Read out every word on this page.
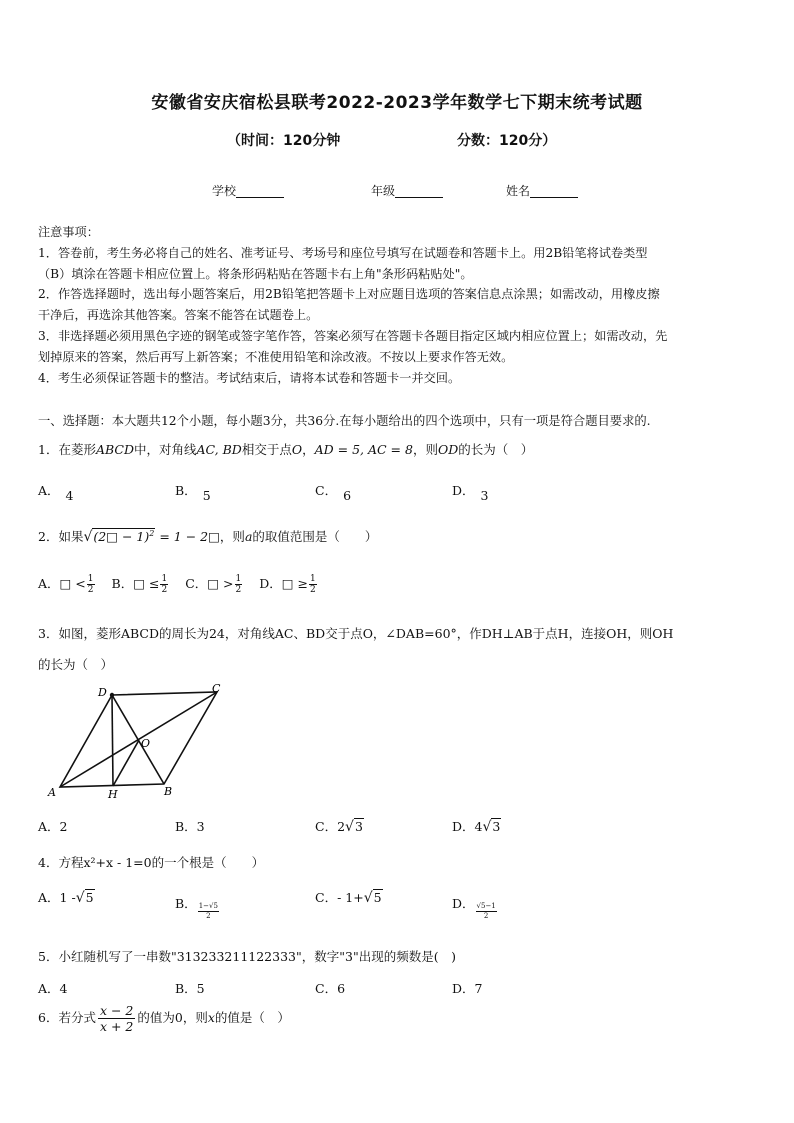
安徽省安庆宿松县联考2022-2023学年数学七下期末统考试题
（时间：120分钟	分数：120分）
学校	年级	姓名
注意事项：
1．答卷前，考生务必将自己的姓名、准考证号、考场号和座位号填写在试题卷和答题卡上。用2B铅笔将试卷类型
（B）填涂在答题卡相应位置上。将条形码粘贴在答题卡右上角"条形码粘贴处"。
2．作答选择题时，选出每小题答案后，用2B铅笔把答题卡上对应题目选项的答案信息点涂黑；如需改动，用橡皮擦
干净后，再选涂其他答案。答案不能答在试题卷上。
3．非选择题必须用黑色字迹的钢笔或签字笔作答，答案必须写在答题卡各题目指定区域内相应位置上；如需改动，先
划掉原来的答案，然后再写上新答案；不准使用铅笔和涂改液。不按以上要求作答无效。
4．考生必须保证答题卡的整洁。考试结束后，请将本试卷和答题卡一并交回。
一、选择题：本大题共12个小题，每小题3分，共36分.在每小题给出的四个选项中，只有一项是符合题目要求的.
1．在菱形ABCD中，对角线AC, BD相交于点O，AD = 5, AC = 8，则OD的长为（　）
A． 4	B． 5	C． 6	D． 3
2．如果√(2□ − 1)$^2$ = 1 − 2□，则a的取值范围是（　　）
A．□ < $\frac{1}{2}$ B．□ ≤ $\frac{1}{2}$ C．□ > $\frac{1}{2}$ D．□ ≥ $\frac{1}{2}$
3．如图，菱形ABCD的周长为24，对角线AC、BD交于点O，∠DAB=60°，作DH⊥AB于点H，连接OH，则OH
的长为（　）
D	C
O
A	H	B
A．2	B．3	C．2√3	D．4√3
4．方程x²+x - 1=0的一个根是（　　）
A．1 -√5	B． $\frac{1-√5}{2}$
C．- 1+√5	D． $\frac{√5-1}{2}$
5．小红随机写了一串数"313233211122333"，数字"3"出现的频数是(　)
A．4	B．5	C．6	D．7
6．若分式 $\frac{x - 2}{x + 2}$ 的值为0，则x的值是（　）
